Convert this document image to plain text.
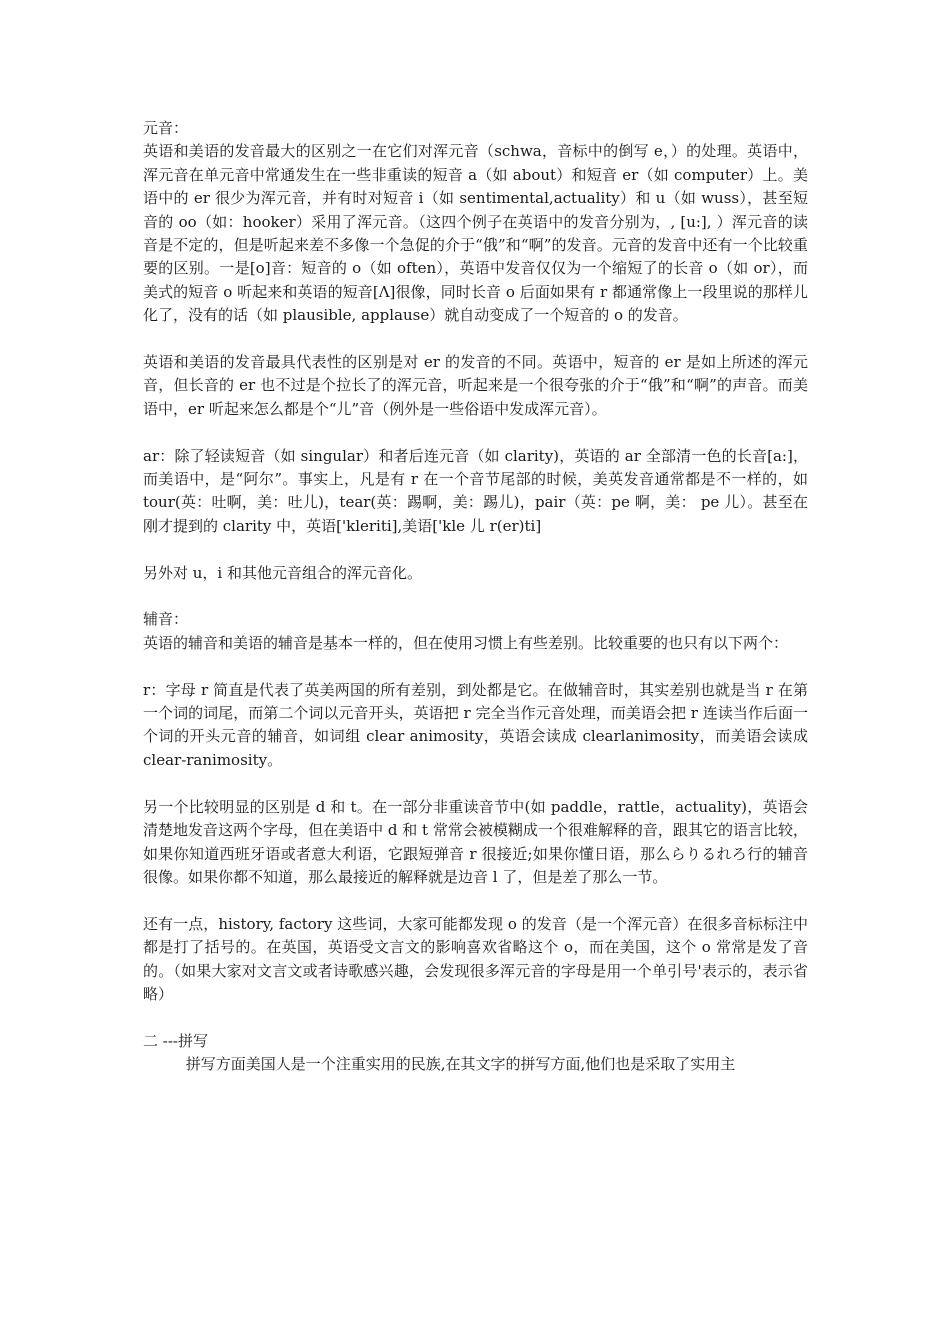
元音：

英语和美语的发音最大的区别之一在它们对浑元音（schwa，音标中的倒写 e，）的处理。英语中，浑元音在单元音中常通发生在一些非重读的短音 a（如 about）和短音 er（如 computer）上。美语中的 er 很少为浑元音，并有时对短音 i（如 sentimental,actuality）和 u（如 wuss），甚至短音的 oo（如：hooker）采用了浑元音。（这四个例子在英语中的发音分别为，, [u:], ）浑元音的读音是不定的，但是听起来差不多像一个急促的介于“俄”和“啊”的发音。元音的发音中还有一个比较重要的区别。一是[o]音：短音的 o（如 often），英语中发音仅仅为一个缩短了的长音 o（如 or），而美式的短音 o 听起来和英语的短音[Λ]很像，同时长音 o 后面如果有 r 都通常像上一段里说的那样儿化了，没有的话（如 plausible, applause）就自动变成了一个短音的 o 的发音。

英语和美语的发音最具代表性的区别是对 er 的发音的不同。英语中，短音的 er 是如上所述的浑元音，但长音的 er 也不过是个拉长了的浑元音，听起来是一个很夸张的介于“俄”和“啊”的声音。而美语中，er 听起来怎么都是个“儿”音（例外是一些俗语中发成浑元音）。

ar：除了轻读短音（如 singular）和者后连元音（如 clarity)，英语的 ar 全部清一色的长音[a:]，而美语中，是“阿尔”。事实上，凡是有 r 在一个音节尾部的时候，美英发音通常都是不一样的，如 tour(英：吐啊，美：吐儿)，tear(英：踢啊，美：踢儿)，pair（英：pe 啊，美： pe 儿）。甚至在刚才提到的 clarity 中，英语['kleriti],美语['kle 儿 r(er)ti]

另外对 u，i 和其他元音组合的浑元音化。

辅音：

英语的辅音和美语的辅音是基本一样的，但在使用习惯上有些差别。比较重要的也只有以下两个：

r：字母 r 简直是代表了英美两国的所有差别，到处都是它。在做辅音时，其实差别也就是当 r 在第一个词的词尾，而第二个词以元音开头，英语把 r 完全当作元音处理，而美语会把 r 连读当作后面一个词的开头元音的辅音，如词组 clear animosity，英语会读成 clearlanimosity，而美语会读成 clear-ranimosity。

另一个比较明显的区别是 d 和 t。在一部分非重读音节中(如 paddle，rattle，actuality)，英语会清楚地发音这两个字母，但在美语中 d 和 t 常常会被模糊成一个很难解释的音，跟其它的语言比较，如果你知道西班牙语或者意大利语，它跟短弹音 r 很接近;如果你懂日语，那么らりるれろ行的辅音很像。如果你都不知道，那么最接近的解释就是边音 l 了，但是差了那么一节。

还有一点，history, factory 这些词，大家可能都发现 o 的发音（是一个浑元音）在很多音标标注中都是打了括号的。在英国，英语受文言文的影响喜欢省略这个 o，而在美国，这个 o 常常是发了音的。（如果大家对文言文或者诗歌感兴趣，会发现很多浑元音的字母是用一个单引号'表示的，表示省略）

二 ---拼写

拼写方面美国人是一个注重实用的民族,在其文字的拼写方面,他们也是采取了实用主
